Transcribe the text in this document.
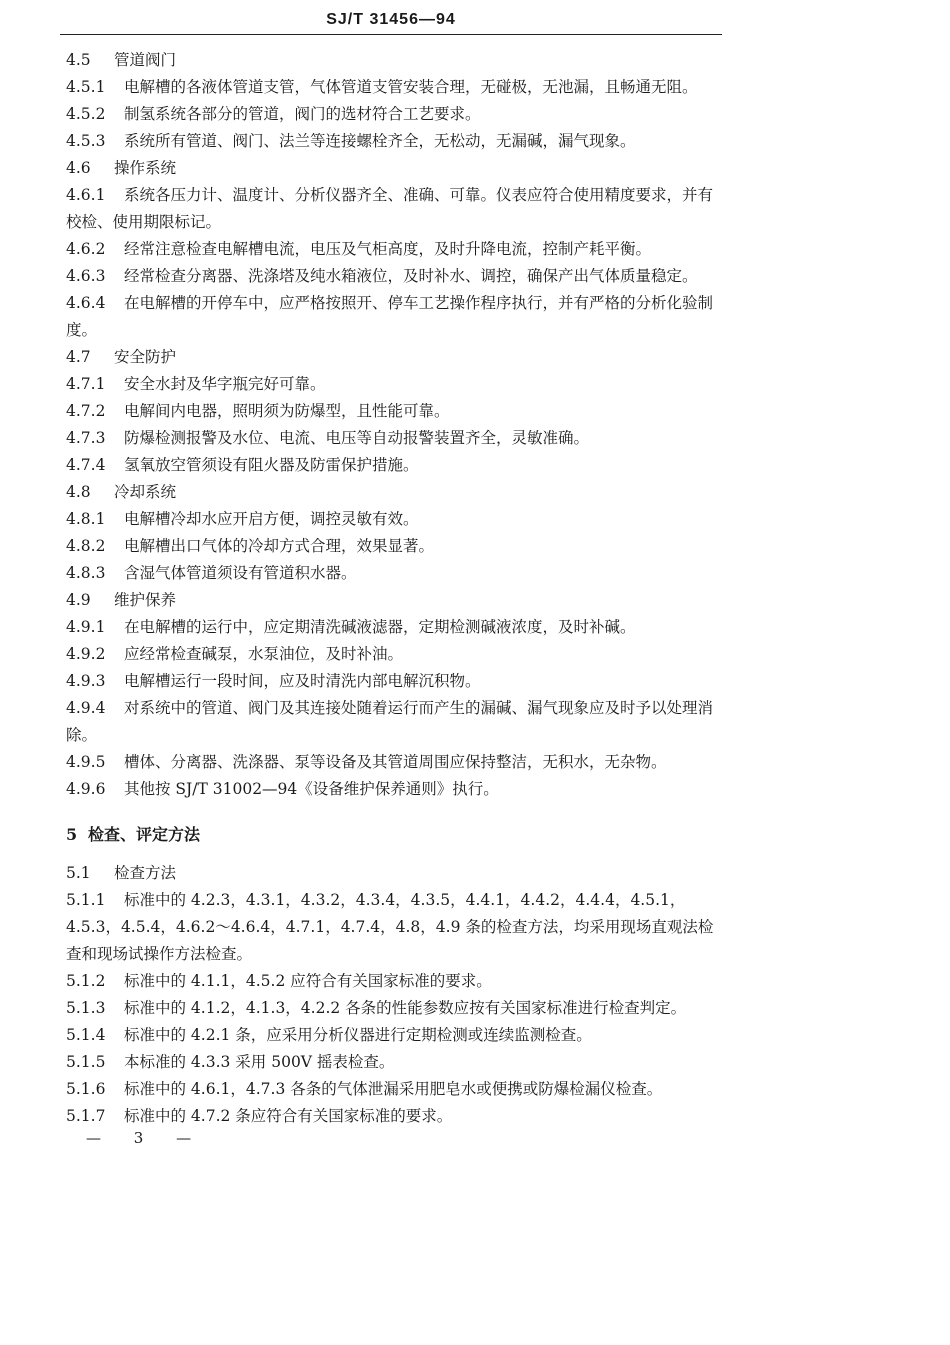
SJ/T 31456—94
4.5 管道阀门
4.5.1 电解槽的各液体管道支管，气体管道支管安装合理，无碰极，无池漏，且畅通无阻。
4.5.2 制氢系统各部分的管道，阀门的选材符合工艺要求。
4.5.3 系统所有管道、阀门、法兰等连接螺栓齐全，无松动，无漏碱，漏气现象。
4.6 操作系统
4.6.1 系统各压力计、温度计、分析仪器齐全、准确、可靠。仪表应符合使用精度要求，并有校检、使用期限标记。
4.6.2 经常注意检查电解槽电流，电压及气柜高度，及时升降电流，控制产耗平衡。
4.6.3 经常检查分离器、洗涤塔及纯水箱液位，及时补水、调控，确保产出气体质量稳定。
4.6.4 在电解槽的开停车中，应严格按照开、停车工艺操作程序执行，并有严格的分析化验制度。
4.7 安全防护
4.7.1 安全水封及华字瓶完好可靠。
4.7.2 电解间内电器，照明须为防爆型，且性能可靠。
4.7.3 防爆检测报警及水位、电流、电压等自动报警装置齐全，灵敏准确。
4.7.4 氢氧放空管须设有阻火器及防雷保护措施。
4.8 冷却系统
4.8.1 电解槽冷却水应开启方便，调控灵敏有效。
4.8.2 电解槽出口气体的冷却方式合理，效果显著。
4.8.3 含湿气体管道须设有管道积水器。
4.9 维护保养
4.9.1 在电解槽的运行中，应定期清洗碱液滤器，定期检测碱液浓度，及时补碱。
4.9.2 应经常检查碱泵，水泵油位，及时补油。
4.9.3 电解槽运行一段时间，应及时清洗内部电解沉积物。
4.9.4 对系统中的管道、阀门及其连接处随着运行而产生的漏碱、漏气现象应及时予以处理消除。
4.9.5 槽体、分离器、洗涤器、泵等设备及其管道周围应保持整洁，无积水，无杂物。
4.9.6 其他按 SJ/T 31002—94《设备维护保养通则》执行。
5 检查、评定方法
5.1 检查方法
5.1.1 标准中的 4.2.3，4.3.1，4.3.2，4.3.4，4.3.5，4.4.1，4.4.2，4.4.4，4.5.1，4.5.3，4.5.4，4.6.2～4.6.4，4.7.1，4.7.4，4.8，4.9 条的检查方法，均采用现场直观法检查和现场试操作方法检查。
5.1.2 标准中的 4.1.1，4.5.2 应符合有关国家标准的要求。
5.1.3 标准中的 4.1.2，4.1.3，4.2.2 各条的性能参数应按有关国家标准进行检查判定。
5.1.4 标准中的 4.2.1 条，应采用分析仪器进行定期检测或连续监测检查。
5.1.5 本标准的 4.3.3 采用 500V 摇表检查。
5.1.6 标准中的 4.6.1，4.7.3 各条的气体泄漏采用肥皂水或便携或防爆检漏仪检查。
5.1.7 标准中的 4.7.2 条应符合有关国家标准的要求。
— 3 —
